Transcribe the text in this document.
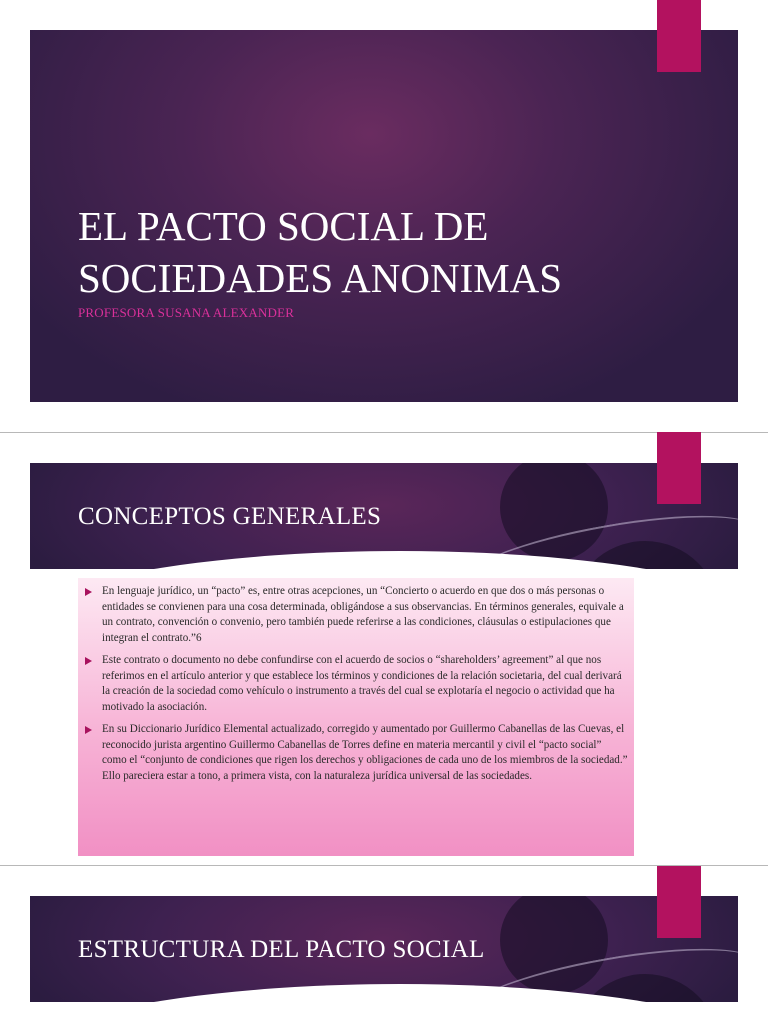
EL PACTO SOCIAL DE
SOCIEDADES ANONIMAS
PROFESORA SUSANA ALEXANDER
CONCEPTOS GENERALES
En lenguaje jurídico, un “pacto” es, entre otras acepciones, un “Concierto o acuerdo en que dos o más personas o entidades se convienen para una cosa determinada, obligándose a sus observancias. En términos generales, equivale a un contrato, convención o convenio, pero también puede referirse a las condiciones, cláusulas o estipulaciones que integran el contrato.”6
Este contrato o documento no debe confundirse con el acuerdo de socios o “shareholders’ agreement” al que nos referimos en el artículo anterior y que establece los términos y condiciones de la relación societaria, del cual derivará la creación de la sociedad como vehículo o instrumento a través del cual se explotaría el negocio o actividad que ha motivado la asociación.
En su Diccionario Jurídico Elemental actualizado, corregido y aumentado por Guillermo Cabanellas de las Cuevas, el reconocido jurista argentino Guillermo Cabanellas de Torres define en materia mercantil y civil el “pacto social” como el “conjunto de condiciones que rigen los derechos y obligaciones de cada uno de los miembros de la sociedad.” Ello pareciera estar a tono, a primera vista, con la naturaleza jurídica universal de las sociedades.
ESTRUCTURA DEL PACTO SOCIAL
